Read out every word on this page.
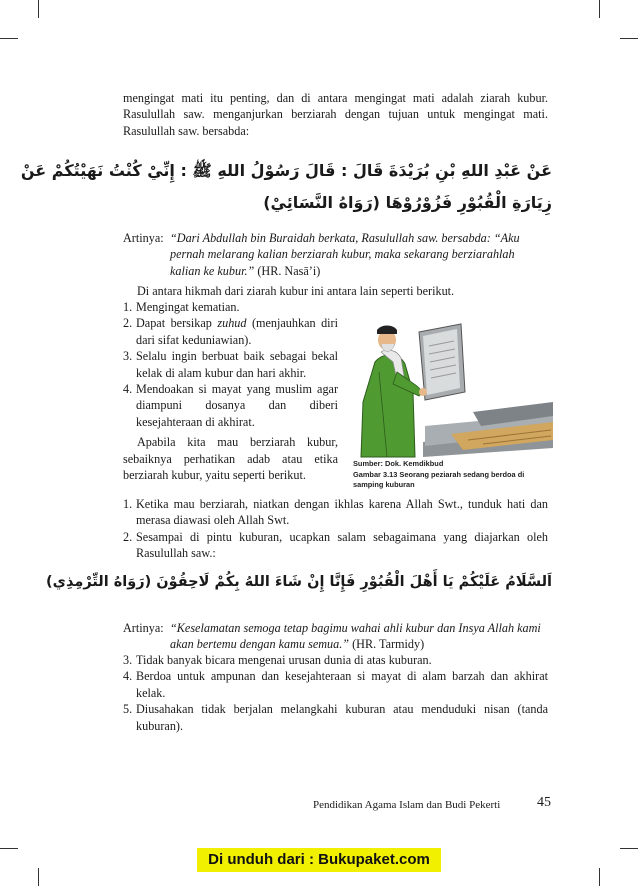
mengingat mati itu penting, dan di antara mengingat mati adalah ziarah kubur. Rasulullah saw. menganjurkan berziarah dengan tujuan untuk mengingat mati. Rasulullah saw. bersabda:

عَنْ عَبْدِ اللهِ بْنِ بُرَيْدَةَ قَالَ : قَالَ رَسُوْلُ اللهِ ﷺ : إِنِّيْ كُنْتُ نَهَيْتُكُمْ عَنْ
زِيَارَةِ الْقُبُوْرِ فَزُوْرُوْهَا (رَوَاهُ النَّسَائِيْ)

Artinya: “Dari Abdullah bin Buraidah berkata, Rasulullah saw. bersabda: “Aku pernah melarang kalian berziarah kubur, maka sekarang berziarahlah kalian ke kubur.” (HR. Nasā’i)

Di antara hikmah dari ziarah kubur ini antara lain seperti berikut.

1. Mengingat kematian.
2. Dapat bersikap zuhud (menjauhkan diri dari sifat keduniawian).
3. Selalu ingin berbuat baik sebagai bekal kelak di alam kubur dan hari akhir.
4. Mendoakan si mayat yang muslim agar diampuni dosanya dan diberi kesejahteraan di akhirat.

Apabila kita mau berziarah kubur, sebaiknya perhatikan adab atau etika berziarah kubur, yaitu seperti berikut.

Sumber: Dok. Kemdikbud
Gambar 3.13 Seorang peziarah sedang berdoa di samping kuburan
1. Ketika mau berziarah, niatkan dengan ikhlas karena Allah Swt., tunduk hati dan merasa diawasi oleh Allah Swt.
2. Sesampai di pintu kuburan, ucapkan salam sebagaimana yang diajarkan oleh Rasulullah saw.:
اَلسَّلَامُ عَلَيْكُمْ يَا أَهْلَ الْقُبُوْرِ فَإِنَّا إِنْ شَاءَ اللهُ بِكُمْ لَاحِقُوْنَ (رَوَاهُ التِّرْمِذِي)

Artinya: “Keselamatan semoga tetap bagimu wahai ahli kubur dan Insya Allah kami akan bertemu dengan kamu semua.” (HR. Tarmidy)

3. Tidak banyak bicara mengenai urusan dunia di atas kuburan.
4. Berdoa untuk ampunan dan kesejahteraan si mayat di alam barzah dan akhirat kelak.
5. Diusahakan tidak berjalan melangkahi kuburan atau menduduki nisan (tanda kuburan).
Pendidikan Agama Islam dan Budi Pekerti	45
Di unduh dari : Bukupaket.com
